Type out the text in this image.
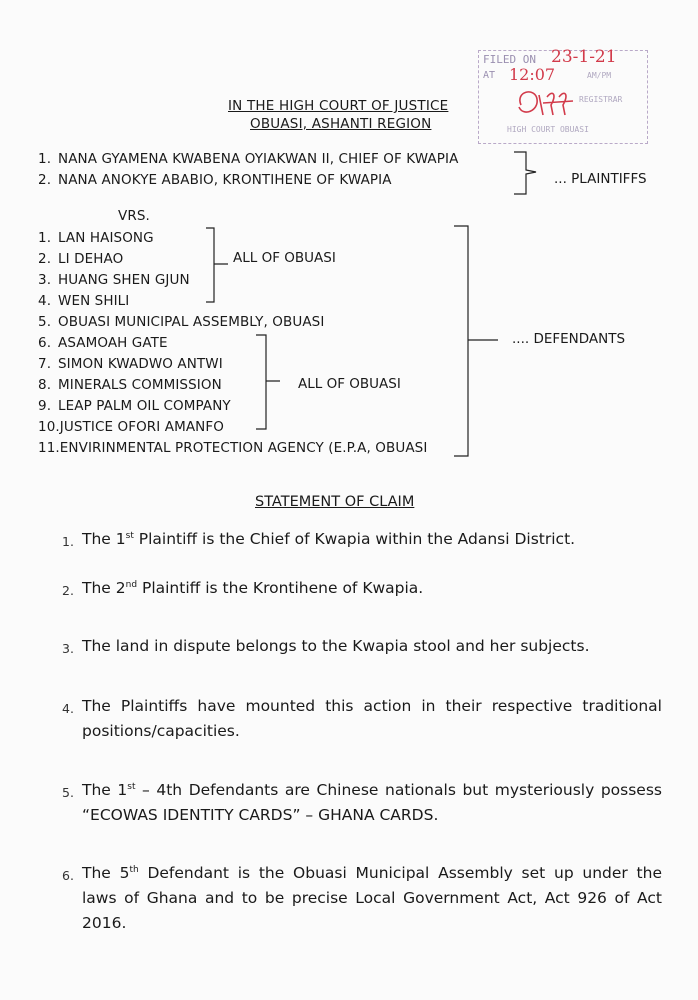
IN THE HIGH COURT OF JUSTICE
OBUASI, ASHANTI REGION
FILED ON 23-1-21
AT 12:07	AM/PM
REGISTRAR
HIGH COURT OBUASI
1. NANA GYAMENA KWABENA OYIAKWAN II, CHIEF OF KWAPIA
2. NANA ANOKYE ABABIO, KRONTIHENE OF KWAPIA	... PLAINTIFFS
VRS.
1. LAN HAISONG
2. LI DEHAO
3. HUANG SHEN GJUN
4. WEN SHILI
5. OBUASI MUNICIPAL ASSEMBLY, OBUASI
6. ASAMOAH GATE
7. SIMON KWADWO ANTWI
8. MINERALS COMMISSION
9. LEAP PALM OIL COMPANY
10.JUSTICE OFORI AMANFO
11.ENVIRINMENTAL PROTECTION AGENCY (E.P.A, OBUASI
ALL OF OBUASI
ALL OF OBUASI
.... DEFENDANTS
STATEMENT OF CLAIM
1. The 1st Plaintiff is the Chief of Kwapia within the Adansi District.
2. The 2nd Plaintiff is the Krontihene of Kwapia.
3. The land in dispute belongs to the Kwapia stool and her subjects.
4. The Plaintiffs have mounted this action in their respective traditional
positions/capacities.
5. The 1st – 4th Defendants are Chinese nationals but mysteriously possess
“ECOWAS IDENTITY CARDS” – GHANA CARDS.
6. The 5th Defendant is the Obuasi Municipal Assembly set up under the
laws of Ghana and to be precise Local Government Act, Act 926 of Act
2016.
